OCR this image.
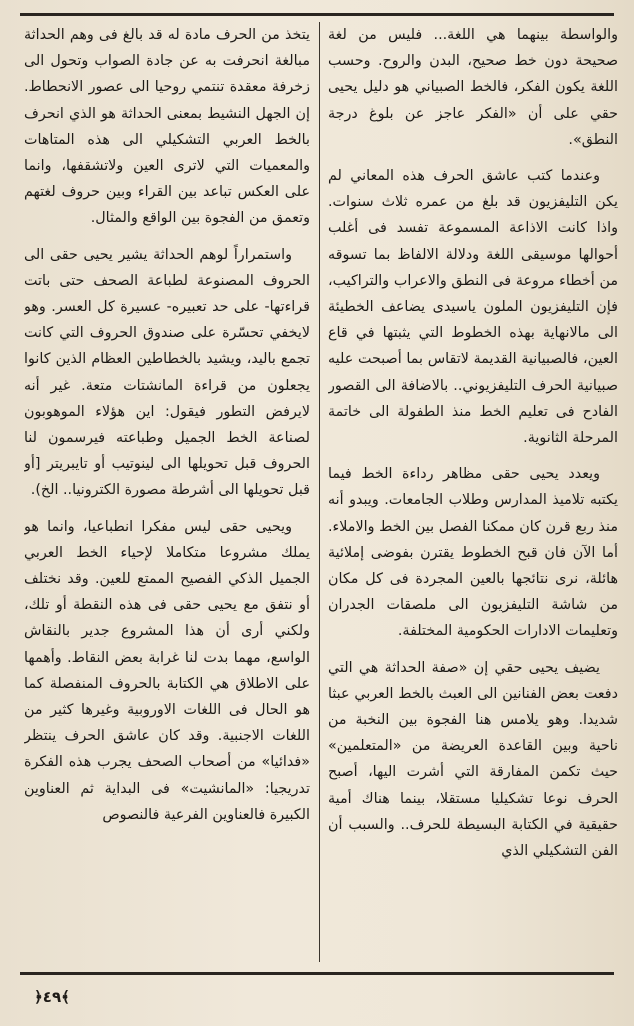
والواسطة بينهما هي اللغة... فليس من لغة صحيحة دون خط صحيح، البدن والروح. وحسب اللغة يكون الفكر، فالخط الصبياني هو دليل يحيى حقي على أن «الفكر عاجز عن بلوغ درجة النطق».

وعندما كتب عاشق الحرف هذه المعاني لم يكن التليفزيون قد بلغ من عمره ثلاث سنوات. واذا كانت الاذاعة المسموعة تفسد فى أغلب أحوالها موسيقى اللغة ودلالة الالفاظ بما تسوقه من أخطاء مروعة فى النطق والاعراب والتراكيب، فإن التليفزيون الملون ياسيدى يضاعف الخطيئة الى مالانهاية بهذه الخطوط التي يثبتها في قاع العين، فالصبيانية القديمة لاتقاس بما أصبحت عليه صبيانية الحرف التليفزيوني.. بالاضافة الى القصور الفادح فى تعليم الخط منذ الطفولة الى خاتمة المرحلة الثانوية.

ويعدد يحيى حقى مظاهر رداءة الخط فيما يكتبه تلاميذ المدارس وطلاب الجامعات. ويبدو أنه منذ ربع قرن كان ممكنا الفصل بين الخط والاملاء. أما الآن فان قبح الخطوط يقترن بفوضى إملائية هائلة، نرى نتائجها بالعين المجردة فى كل مكان من شاشة التليفزيون الى ملصقات الجدران وتعليمات الادارات الحكومية المختلفة.

يضيف يحيى حقي إن «صفة الحداثة هي التي دفعت بعض الفنانين الى العبث بالخط العربي عبثا شديدا. وهو يلامس هنا الفجوة بين النخبة من ناحية وبين القاعدة العريضة من «المتعلمين» حيث تكمن المفارقة التي أشرت اليها، أصبح الحرف نوعا تشكيليا مستقلا، بينما هناك أمية حقيقية في الكتابة البسيطة للحرف.. والسبب أن الفن التشكيلي الذي

يتخذ من الحرف مادة له قد بالغ فى وهم الحداثة مبالغة انحرفت به عن جادة الصواب وتحول الى زخرفة معقدة تنتمي روحيا الى عصور الانحطاط. إن الجهل النشيط بمعنى الحداثة هو الذي انحرف بالخط العربي التشكيلي الى هذه المتاهات والمعميات التي لاترى العين ولاتشقفها، وانما على العكس تباعد بين القراء وبين حروف لغتهم وتعمق من الفجوة بين الواقع والمثال.

واستمراراً لوهم الحداثة يشير يحيى حقى الى الحروف المصنوعة لطباعة الصحف حتى باتت قراءتها- على حد تعبيره- عسيرة كل العسر. وهو لايخفي تحسّرة على صندوق الحروف التي كانت تجمع باليد، ويشيد بالخطاطين العظام الذين كانوا يجعلون من قراءة المانشتات متعة. غير أنه لايرفض التطور فيقول: اين هؤلاء الموهوبون لصناعة الخط الجميل وطباعته فيرسمون لنا الحروف قبل تحويلها الى لينوتيب أو تايبريتر [أو قبل تحويلها الى أشرطة مصورة الكترونيا.. الخ).

ويحيى حقى ليس مفكرا انطباعيا، وانما هو يملك مشروعا متكاملا لإحياء الخط العربي الجميل الذكي الفصيح الممتع للعين. وقد نختلف أو نتفق مع يحيى حقى فى هذه النقطة أو تلك، ولكني أرى أن هذا المشروع جدير بالنقاش الواسع، مهما بدت لنا غرابة بعض النقاط. وأهمها على الاطلاق هي الكتابة بالحروف المنفصلة كما هو الحال فى اللغات الاوروبية وغيرها كثير من اللغات الاجنبية. وقد كان عاشق الحرف ينتظر «فدائيا» من أصحاب الصحف يجرب هذه الفكرة تدريجيا: «المانشيت» فى البداية ثم العناوين الكبيرة فالعناوين الفرعية فالنصوص

﴿٤٩﴾
